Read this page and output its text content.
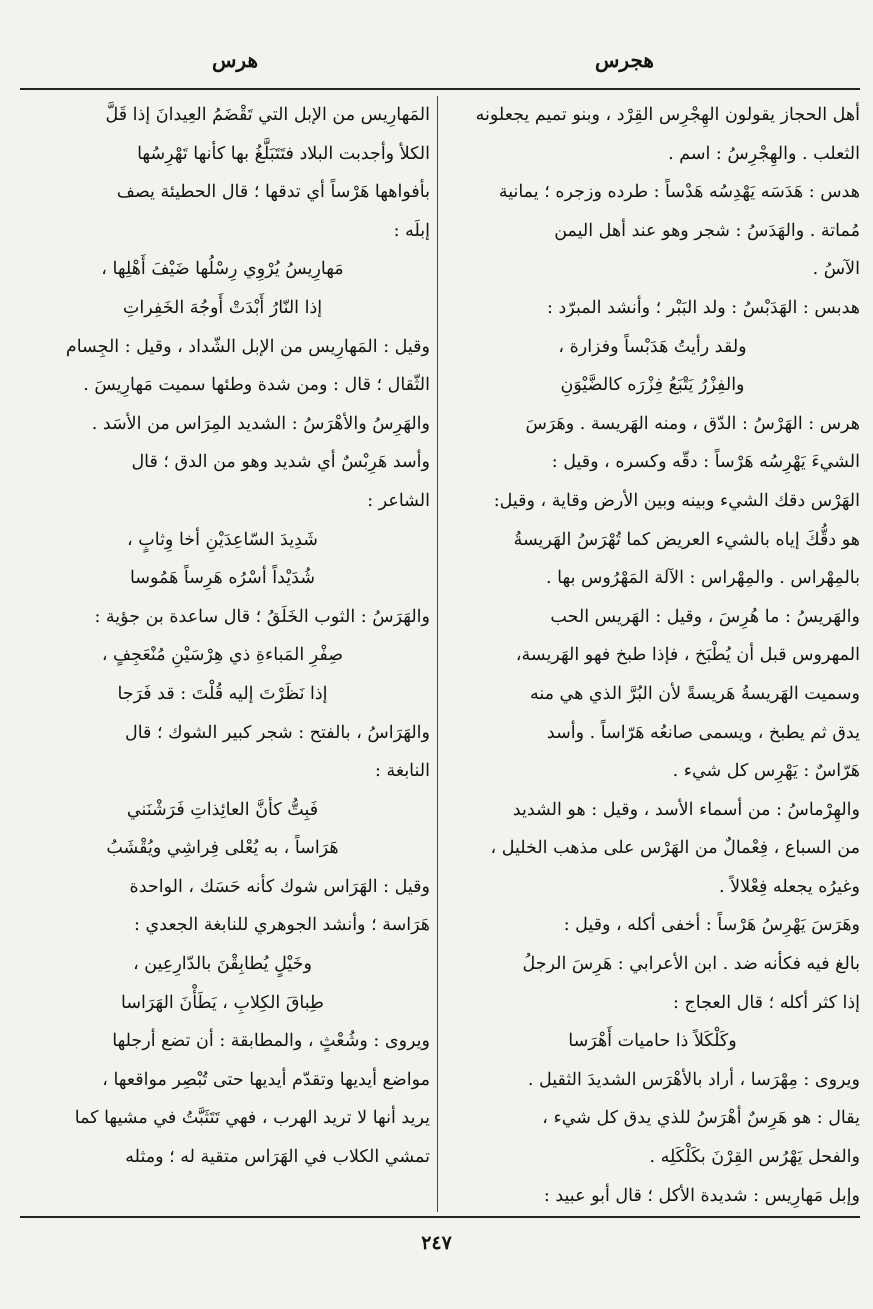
هجرس
هرس
أهل الحجاز يقولون الهِجْرِس القِرْد ، وبنو تميم يجعلونه
الثعلب . والهِجْرِسُ : اسم .
هدس : هَدَسَه يَهْدِسُه هَدْساً : طرده وزجره ؛ يمانية
مُماتة . والهَدَسُ : شجر وهو عند أهل اليمن
الآسُ .
هدبس : الهَدَبْسُ : ولد البَبْر ؛ وأنشد المبرّد :
ولقد رأيتُ هَدَبْساً وفزارة ،
والفِزْرُ يَتْبَعُ فِزْرَه كالضَّيْوَنِ
هرس : الهَرْسُ : الدّق ، ومنه الهَريسة . وهَرَسَ
الشيءَ يَهْرِسُه هَرْساً : دقّه وكسره ، وقيل :
الهَرْس دقك الشيء وبينه وبين الأرض وقاية ، وقيل:
هو دقُّكَ إياه بالشيء العريض كما تُهْرَسُ الهَريسةُ
بالمِهْراس . والمِهْراس : الآلة المَهْرُوس بها .
والهَريسُ : ما هُرِسَ ، وقيل : الهَريس الحب
المهروس قبل أن يُطْبَخ ، فإذا طبخ فهو الهَريسة،
وسميت الهَريسةُ هَريسةً لأن البُرَّ الذي هي منه
يدق ثم يطبخ ، ويسمى صانعُه هَرّاساً . وأسد
هَرّاسٌ : يَهْرِس كل شيء .
والهِرْماسُ : من أسماء الأسد ، وقيل : هو الشديد
من السباع ، فِعْمالٌ من الهَرْس على مذهب الخليل ،
وغيرُه يجعله فِعْلالاً .
وهَرَسَ يَهْرِسُ هَرْساً : أخفى أكله ، وقيل :
بالغ فيه فكأنه ضد . ابن الأعرابي : هَرِسَ الرجلُ
إذا كثر أكله ؛ قال العجاج :
وكَلْكَلاً ذا حاميات أَهْرَسا
ويروى : مِهْرَسا ، أراد بالأهْرَس الشديدَ الثقيل .
يقال : هو هَرِسٌ أهْرَسُ للذي يدق كل شيء ،
والفحل يَهْرُس القِرْنَ بكَلْكَلِه .
وإبل مَهارِيس : شديدة الأكل ؛ قال أبو عبيد :
المَهارِيس من الإبل التي تَقْضَمُ العِيدانَ إذا قَلَّ
الكلأ وأجدبت البلاد فتَتَبَلَّغُ بها كأنها تَهْرِسُها
بأفواهها هَرْساً أي تدقها ؛ قال الحطيئة يصف
إبلَه :
مَهارِيسُ يُرْوِي رِسْلُها ضَيْفَ أَهْلِها ،
إذا النّارُ أَبْدَتْ أَوجُهَ الخَفِراتِ
وقيل : المَهارِيس من الإبل الشّداد ، وقيل : الجِسام
الثّقال ؛ قال : ومن شدة وطئها سميت مَهارِيسَ .
والهَرِسُ والأهْرَسُ : الشديد المِرَاس من الأسَد .
وأسد هَرِبْسٌ أي شديد وهو من الدق ؛ قال
الشاعر :
شَدِيدَ السّاعِدَيْنِ أخا وِثابٍ ،
شُدَيْداً أسْرُه هَرِساً هَمُوسا
والهَرَسُ : الثوب الخَلَقُ ؛ قال ساعدة بن جؤية :
صِفْرِ المَباءةِ ذي هِرْسَيْنِ مُنْعَجِفٍ ،
إذا نَظَرْتَ إليه قُلْتَ : قد فَرَجا
والهَرَاسُ ، بالفتح : شجر كبير الشوك ؛ قال
النابغة :
فَبِتُّ كأنَّ العائِذاتِ فَرَشْنَني
هَرَاساً ، به يُعْلى فِراشِي ويُقْشَبُ
وقيل : الهَرَاس شوك كأنه حَسَك ، الواحدة
هَرَاسة ؛ وأنشد الجوهري للنابغة الجعدي :
وخَيْلٍ يُطابِقْنَ بالدّارِعِين ،
طِباقَ الكِلابِ ، يَطَأْنَ الهَرَاسا
ويروى : وشُعْثٍ ، والمطابقة : أن تضع أرجلها
مواضع أيديها وتقدّم أيديها حتى تُبْصِر مواقعها ،
يريد أنها لا تريد الهرب ، فهي تَتَثَبَّتُ في مشيها كما
تمشي الكلاب في الهَرَاس متقية له ؛ ومثله
٢٤٧
